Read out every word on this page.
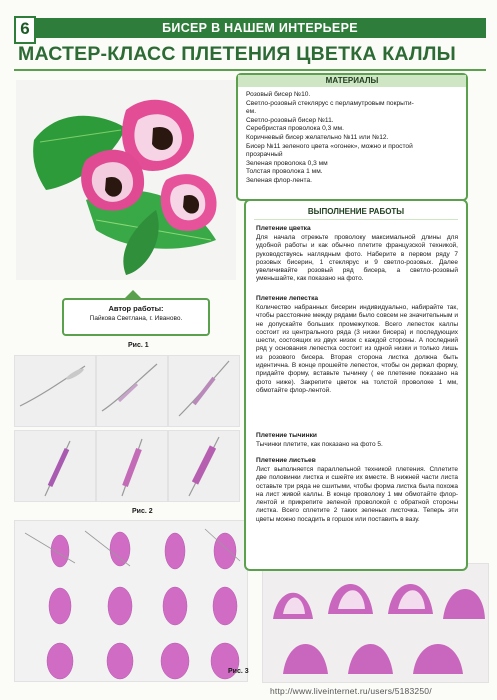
6	БИСЕР В НАШЕМ ИНТЕРЬЕРЕ
МАСТЕР-КЛАСС ПЛЕТЕНИЯ ЦВЕТКА КАЛЛЫ
Автор работы:
Пайкова Светлана, г. Иваново.
Рис. 1
Рис. 2
Рис. 3
МАТЕРИАЛЫ
Розовый бисер №10.
Светло-розовый стеклярус с перламутровым покрыти-
ем.
Светло-розовый бисер №11.
Серебристая проволока 0,3 мм.
Коричневый бисер желательно №11 или №12.
Бисер №11 зеленого цвета «огонек», можно и простой
прозрачный
Зеленая проволока 0,3 мм
Толстая проволока 1 мм.
Зеленая флор-лента.
ВЫПОЛНЕНИЕ РАБОТЫ
Плетение цветка
Для начала отрежьте проволоку максимальной длины для удобной работы и как обычно плетите французской техникой, руководствуясь наглядным фото. Наберите в первом ряду 7 розовых бисерин, 1 стеклярус и 9 светло-розовых. Далее увеличивайте розовый ряд бисера, а светло-розовый уменьшайте, как показано на фото.
Плетение лепестка
Количество набранных бисерин индивидуально, набирайте так, чтобы расстояние между рядами было совсем не значительным и не допускайте больших промежутков. Всего лепесток каллы состоит из центрального ряда (3 низки бисера) и последующих шести, состоящих из двух низок с каждой стороны. А последний ряд у основания лепестка состоит из одной низки и только лишь из розового бисера. Вторая сторона листка должна быть идентична. В конце прошейте лепесток, чтобы он держал форму, придайте форму, вставьте тычинку ( ее плетение показано на фото ниже). Закрепите цветок на толстой проволоке 1 мм, обмотайте флор-лентой.
Плетение тычинки
Тычинки плетите, как показано на фото 5.
Плетение листьев
Лист выполняется параллельной техникой плетения. Сплетите две половинки листка и сшейте их вместе. В нижней части листа оставьте три ряда не сшитыми, чтобы форма листка была похожа на лист живой каллы. В конце проволоку 1 мм обмотайте флор-лентой и прикрепите зеленой проволокой с обратной стороны листка. Всего сплетите 2 таких зеленых листочка. Теперь эти цветы можно посадить в горшок или поставить в вазу.
http://www.liveinternet.ru/users/5183250/
